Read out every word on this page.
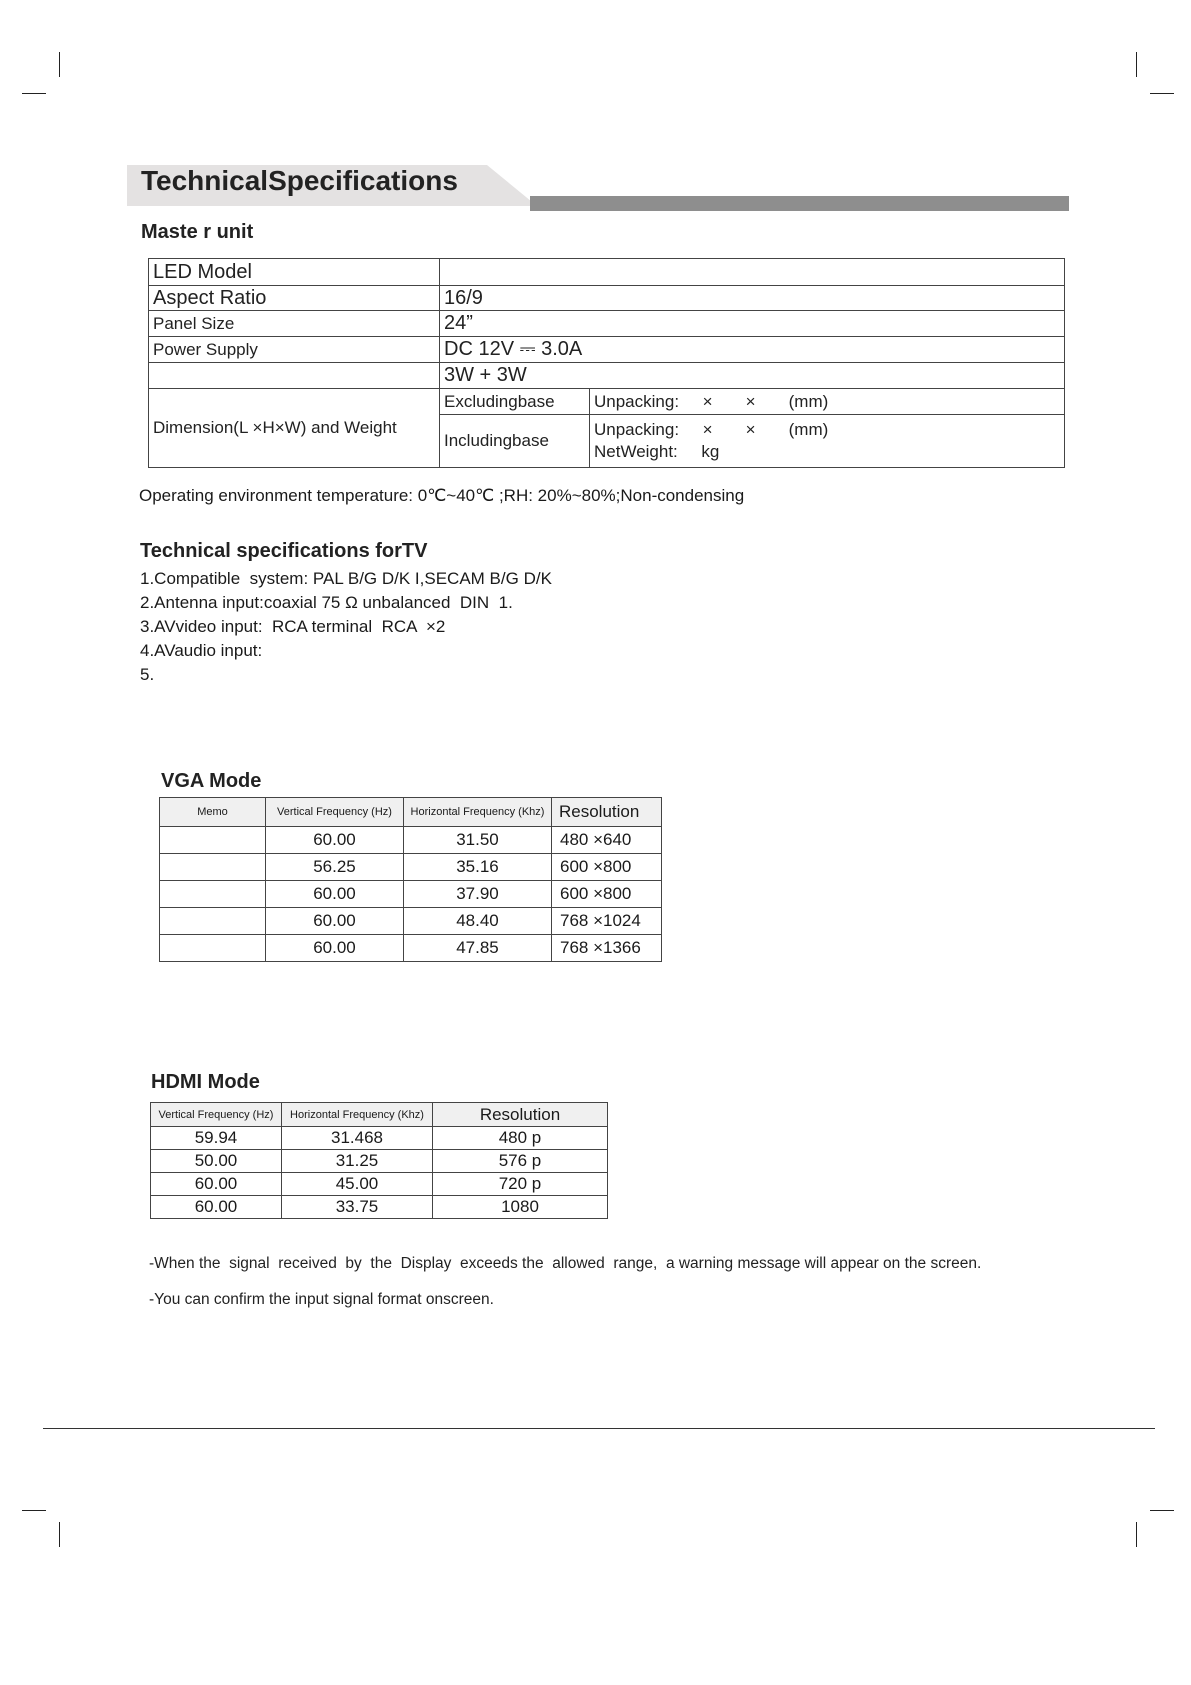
TechnicalSpecifications
Maste r unit
LED Model		
Aspect Ratio	16/9	
Panel Size	24”	
Power Supply	DC 12V ⎓ 3.0A	
	3W + 3W	
Dimension(L ×H×W) and Weight	Excludingbase	Unpacking:     ×       ×       (mm)
	Includingbase	Unpacking:     ×       ×       (mm)
NetWeight:     kg
Operating environment temperature: 0℃~40℃ ;RH: 20%~80%;Non-condensing
Technical specifications forTV
1.Compatible  system: PAL B/G D/K I,SECAM B/G D/K
2.Antenna input:coaxial 75 Ω unbalanced  DIN  1.
3.AVvideo input:  RCA terminal  RCA  ×2
4.AVaudio input:
5.
VGA Mode
Memo	Vertical Frequency (Hz)	Horizontal Frequency (Khz)	Resolution
	60.00	31.50	480 ×640
	56.25	35.16	600 ×800
	60.00	37.90	600 ×800
	60.00	48.40	768 ×1024
	60.00	47.85	768 ×1366
HDMI Mode
Vertical Frequency (Hz)	Horizontal Frequency (Khz)	Resolution
59.94	31.468	480 p
50.00	31.25	576 p
60.00	45.00	720 p
60.00	33.75	1080
-When the  signal  received  by  the  Display  exceeds the  allowed  range,  a warning message will appear on the screen.
-You can confirm the input signal format onscreen.
